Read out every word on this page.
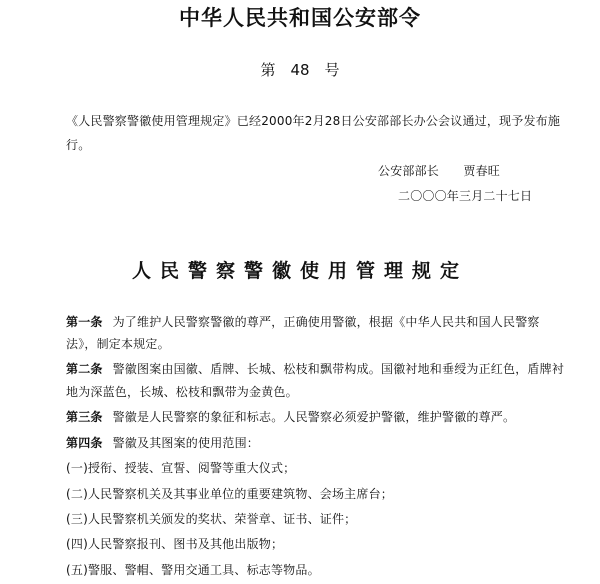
中华人民共和国公安部令
第　48　号
《人民警察警徽使用管理规定》已经2000年2月28日公安部部长办公会议通过，现予发布施
行。
公安部部长　　贾春旺
二〇〇〇年三月二十七日
人民警察警徽使用管理规定
第一条 为了维护人民警察警徽的尊严，正确使用警徽，根据《中华人民共和国人民警察
法》，制定本规定。
第二条 警徽图案由国徽、盾牌、长城、松枝和飘带构成。国徽衬地和垂绶为正红色，盾牌衬
地为深蓝色，长城、松枝和飘带为金黄色。
第三条 警徽是人民警察的象征和标志。人民警察必须爱护警徽，维护警徽的尊严。
第四条 警徽及其图案的使用范围：
(一)授衔、授装、宣誓、阅警等重大仪式；
(二)人民警察机关及其事业单位的重要建筑物、会场主席台；
(三)人民警察机关颁发的奖状、荣誉章、证书、证件；
(四)人民警察报刊、图书及其他出版物；
(五)警服、警帽、警用交通工具、标志等物品。
